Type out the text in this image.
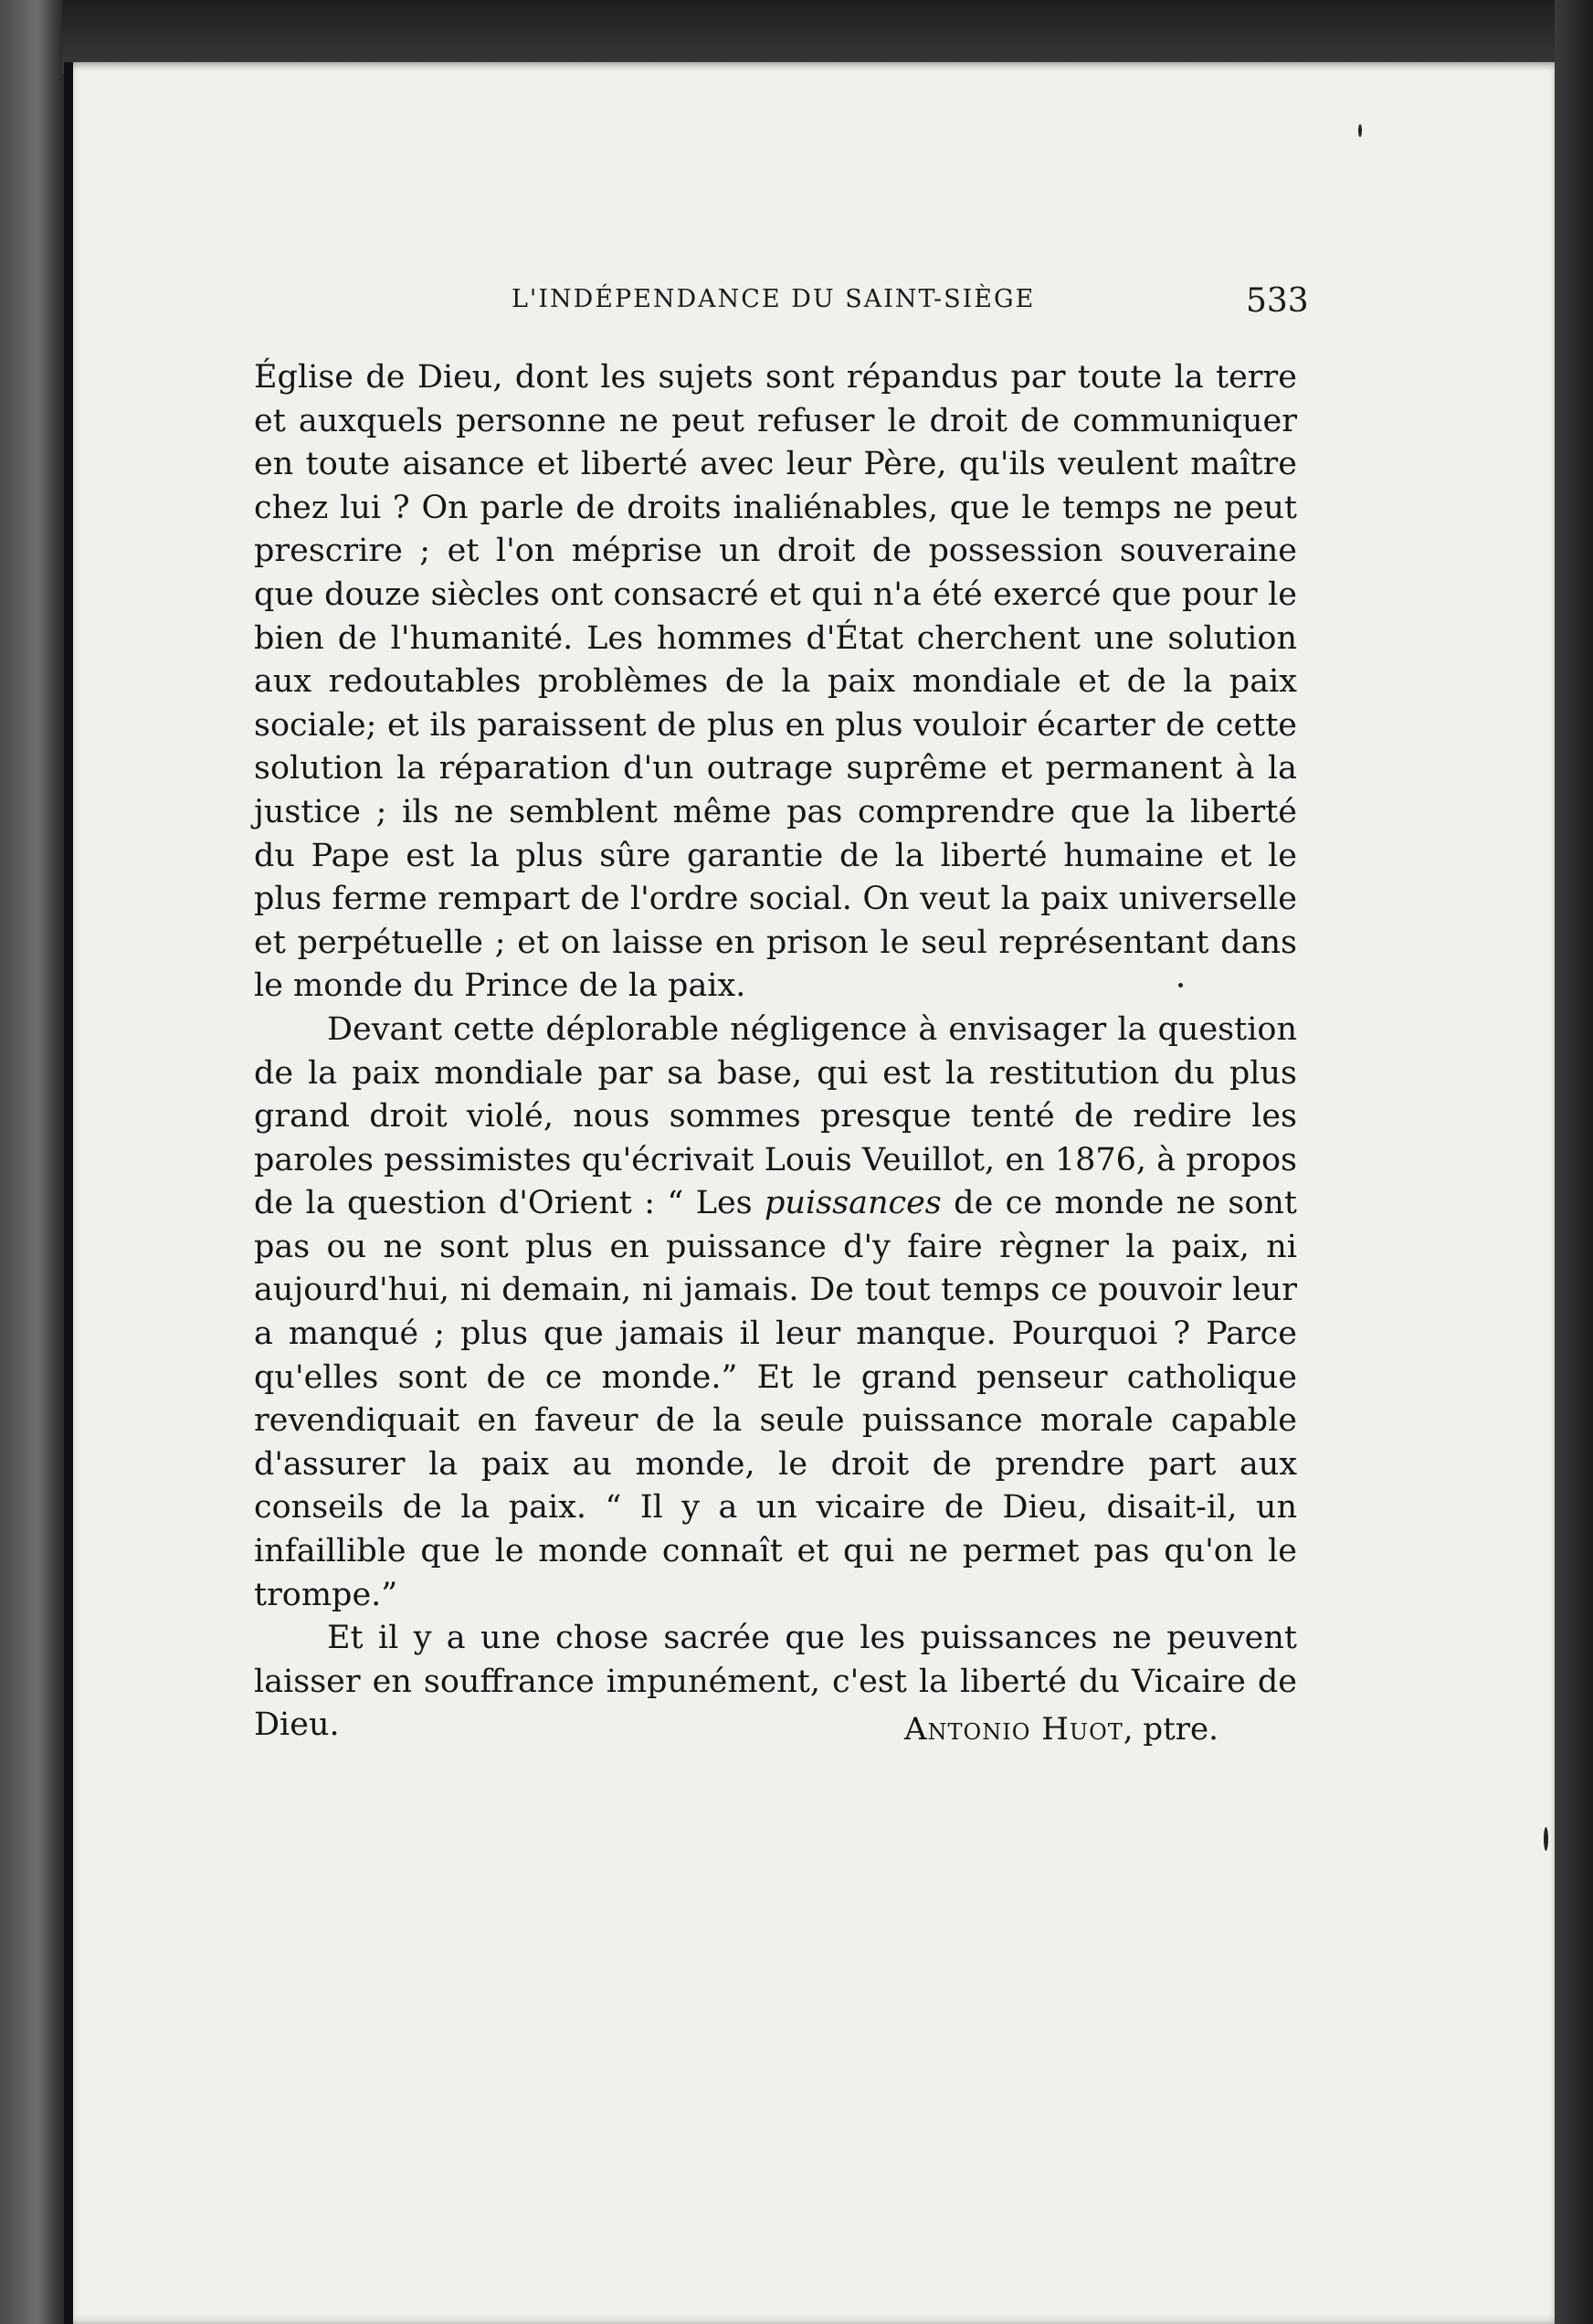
L'INDÉPENDANCE DU SAINT-SIÈGE	533

Église de Dieu, dont les sujets sont répandus par toute la terre et auxquels personne ne peut refuser le droit de communiquer en toute aisance et liberté avec leur Père, qu'ils veulent maître chez lui ? On parle de droits inaliénables, que le temps ne peut prescrire ; et l'on méprise un droit de possession souveraine que douze siècles ont consacré et qui n'a été exercé que pour le bien de l'humanité. Les hommes d'État cherchent une solution aux redoutables problèmes de la paix mondiale et de la paix sociale; et ils paraissent de plus en plus vouloir écarter de cette solution la réparation d'un outrage suprême et permanent à la justice ; ils ne semblent même pas comprendre que la liberté du Pape est la plus sûre garantie de la liberté humaine et le plus ferme rempart de l'ordre social. On veut la paix universelle et perpétuelle ; et on laisse en prison le seul représentant dans le monde du Prince de la paix.

Devant cette déplorable négligence à envisager la question de la paix mondiale par sa base, qui est la restitution du plus grand droit violé, nous sommes presque tenté de redire les paroles pessimistes qu'écrivait Louis Veuillot, en 1876, à propos de la question d'Orient : “ Les puissances de ce monde ne sont pas ou ne sont plus en puissance d'y faire règner la paix, ni aujourd'hui, ni demain, ni jamais. De tout temps ce pouvoir leur a manqué ; plus que jamais il leur manque. Pourquoi ? Parce qu'elles sont de ce monde.” Et le grand penseur catholique revendiquait en faveur de la seule puissance morale capable d'assurer la paix au monde, le droit de prendre part aux conseils de la paix. “ Il y a un vicaire de Dieu, disait-il, un infaillible que le monde connaît et qui ne permet pas qu'on le trompe.”

Et il y a une chose sacrée que les puissances ne peuvent laisser en souffrance impunément, c'est la liberté du Vicaire de Dieu.	Antonio Huot, ptre.
